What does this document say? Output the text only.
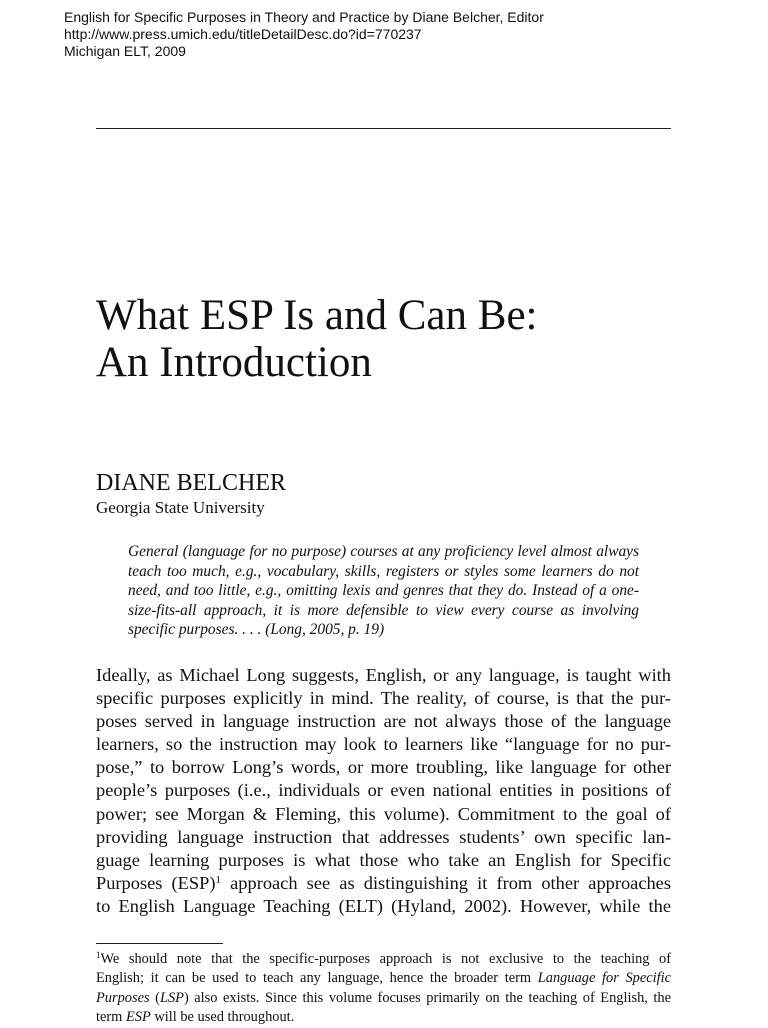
English for Specific Purposes in Theory and Practice by Diane Belcher, Editor
http://www.press.umich.edu/titleDetailDesc.do?id=770237
Michigan ELT, 2009
What ESP Is and Can Be:
An Introduction
DIANE BELCHER
Georgia State University

General (language for no purpose) courses at any proficiency level almost always teach too much, e.g., vocabulary, skills, registers or styles some learners do not need, and too little, e.g., omitting lexis and genres that they do. Instead of a one-size-fits-all approach, it is more defensible to view every course as involving specific purposes. . . . (Long, 2005, p. 19)

Ideally, as Michael Long suggests, English, or any language, is taught with
specific purposes explicitly in mind. The reality, of course, is that the pur-
poses served in language instruction are not always those of the language
learners, so the instruction may look to learners like “language for no pur-
pose,” to borrow Long’s words, or more troubling, like language for other
people’s purposes (i.e., individuals or even national entities in positions of
power; see Morgan & Fleming, this volume). Commitment to the goal of
providing language instruction that addresses students’ own specific lan-
guage learning purposes is what those who take an English for Specific
Purposes (ESP)$^1$ approach see as distinguishing it from other approaches
to English Language Teaching (ELT) (Hyland, 2002). However, while the
$^1$We should note that the specific-purposes approach is not exclusive to the teaching of
English; it can be used to teach any language, hence the broader term Language for Specific
Purposes (LSP) also exists. Since this volume focuses primarily on the teaching of English, the
term ESP will be used throughout.
